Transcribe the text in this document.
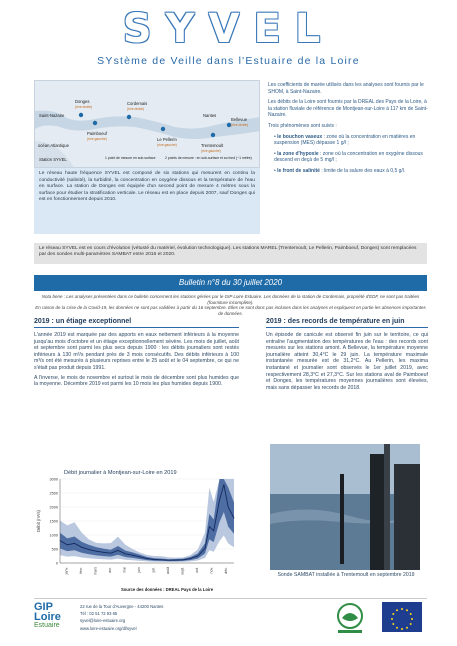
SYVEL
SYstème de Veille dans l'Estuaire de la Loire
Donges
(rive droite)
Saint-Nazaire
Paimboeuf
(rive gauche)
Cordemais
(rive droite)
Le Pellerin
(rive gauche)
Nantes
Bellevue
(rive droite)
Trentemoult
(rive gauche)
océan Atlantique
Station SYVEL	1 point de mesure en sub-surface	2 points de mesure : en sub-surface et au fond (~1 mètre)
Le réseau haute fréquence SYVEL est composé de six stations qui mesurent en continu la conductivité (salinité), la turbidité, la concentration en oxygène dissous et la température de l'eau en surface. La station de Donges est équipée d'un second point de mesure 4 mètres sous la surface pour étudier la stratification verticale. Le réseau est en place depuis 2007, sauf Donges qui est en fonctionnement depuis 2010.

Les coefficients de marée utilisés dans les analyses sont fournis par le SHOM, à Saint-Nazaire.

Les débits de la Loire sont fournis par la DREAL des Pays de la Loire, à la station fluviale de référence de Montjean-sur-Loire à 117 km de Saint-Nazaire.

Trois phénomènes sont suivis :

• le bouchon vaseux : zone où la concentration en matières en suspension (MES) dépasse 1 g/l ;

• la zone d'hypoxie : zone où la concentration en oxygène dissous descend en deçà de 5 mg/l ;

• le front de salinité : limite de la salure des eaux à 0,5 g/l.

Le réseau SYVEL est en cours d'évolution (vétusté du matériel, évolution technologique). Les stations MAREL (Trentemoult, Le Pellerin, Paimboeuf, Donges) sont remplacées par des sondes multi-paramètres SAMBAT entre 2016 et 2020.
Bulletin n°8 du 30 juillet 2020
Nota bene : Les analyses présentées dans ce bulletin concernent les stations gérées par le GIP Loire Estuaire. Les données de la station de Cordemais, propriété d'EDF, ne sont pas traitées (fourniture incomplète).
En raison de la crise de la Covid-19, les données ne sont pas validées à partir du 16 septembre. Elles ne sont donc pas incluses dans les analyses et expliquent en partie les absences importantes de données.
2019 : un étiage exceptionnel

L'année 2019 est marquée par des apports en eaux nettement inférieurs à la moyenne jusqu'au mois d'octobre et un étiage exceptionnellement sévère. Les mois de juillet, août et septembre sont parmi les plus secs depuis 1900 : les débits journaliers sont restés inférieurs à 130 m³/s pendant près de 3 mois consécutifs. Des débits inférieurs à 100 m³/s ont été mesurés à plusieurs reprises entre le 25 août et le 04 septembre, ce qui ne s'était pas produit depuis 1991.

A l'inverse, le mois de novembre et surtout le mois de décembre sont plus humides que la moyenne. Décembre 2019 est parmi les 10 mois les plus humides depuis 1900.

2019 : des records de température en juin

Un épisode de canicule est observé fin juin sur le territoire, ce qui entraîne l'augmentation des températures de l'eau : des records sont mesurés sur les stations amont. A Bellevue, la température moyenne journalière atteint 30,4°C le 29 juin. La température maximale instantanée mesurée est de 31,2°C. Au Pellerin, les maxima instantané et journalier sont observés le 1er juillet 2019, avec respectivement 28,3°C et 27,3°C. Sur les stations aval de Paimboeuf et Donges, les températures moyennes journalières sont élevées, mais sans dépasser les records de 2018.

Débit journalier à Montjean-sur-Loire en 2019
0
500
1000
1500
2000
2500
3000
Débit (m³/s)
janv.	févr.	mars	avr.	mai	juin	juil.	août	sept.	oct.	nov.	déc.
Source des données : DREAL Pays de la Loire
Sonde SAMBAT installée à Trentemoult en septembre 2019
GIP
Loire
Estuaire
22 rue de la Tour d'Auvergne - 44200 Nantes
Tél : 02 51 72 93 65
syvel@loire-estuaire.org
www.loire-estuaire.org/dl/syvel
